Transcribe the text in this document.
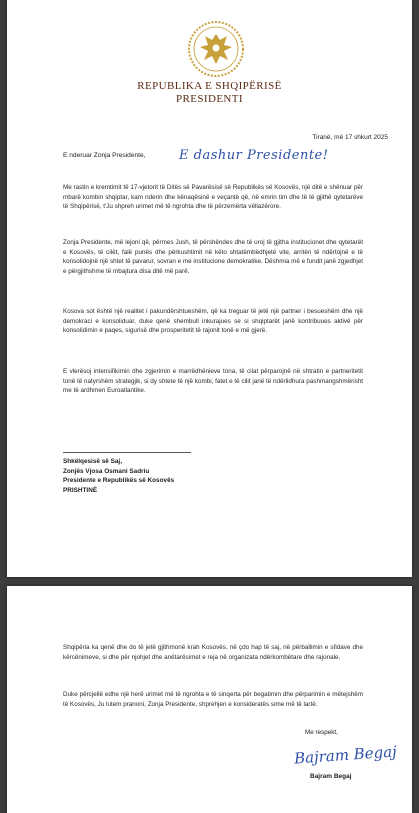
REPUBLIKA E SHQIPËRISË
PRESIDENTI
Tiranë, më 17 shkurt 2025
E nderuar Zonja Presidente,	E dashur Presidente!

Me rastin e kremtimit të 17-vjetorit të Ditës së Pavarësisë së Republikës së Kosovës, një ditë e shënuar për mbarë kombin shqiptar, kam nderin dhe kënaqësinë e veçantë që, në emrin tim dhe të të gjithë qytetarëve të Shqipërisë, t'Ju shpreh urimet më të ngrohta dhe të përzemërta vëllazërore.

Zonja Presidente, më lejoni që, përmes Jush, të përshëndes dhe të uroj të gjitha institucionet dhe qytetarët e Kosovës, të cilët, falë punës dhe përkushtimit në këto shtatëmbëdhjetë vite, arritën të ndërtojnë e të konsolidojnë një shtet të pavarur, sovran e me institucione demokratike. Dëshmia më e fundit janë zgjedhjet e përgjithshme të mbajtura disa ditë më parë.

Kosova sot është një realitet i pakundërshtueshëm, që ka treguar të jetë një partner i besueshëm dhe një demokraci e konsoliduar, duke qenë shembull inkurajues se si shqiptarët janë kontribuues aktivë për konsolidimin e paqes, sigurisë dhe prosperitetit të rajonit tonë e më gjerë.

E vlerësoj intensifikimin dhe zgjerimin e marrëdhënieve tona, të cilat përparojnë në shtratin e partneritetit tonë të natyrshëm strategjik, si dy shtete të një kombi, fatet e të cilit janë të ndërlidhura pashmangshmërisht me të ardhmen Euroatlantike.

Shkëlqesisë së Saj,
Zonjës Vjosa Osmani Sadriu
Presidente e Republikës së Kosovës
PRISHTINË

Shqipëria ka qenë dhe do të jetë gjithmonë krah Kosovës, në çdo hap të saj, në përballimin e sfidave dhe kërcënimeve, si dhe për njohjet dhe anëtarësimet e reja në organizata ndërkombëtare dhe rajonale.

Duke përcjellë edhe një herë urimet më të ngrohta e të sinqerta për begatimin dhe përparimin e mëtejshëm të Kosovës, Ju lutem pranoni, Zonja Presidente, shprehjen e konsideratës sime më të lartë.

Me respekt,
Bajram Begaj
Bajram Begaj
